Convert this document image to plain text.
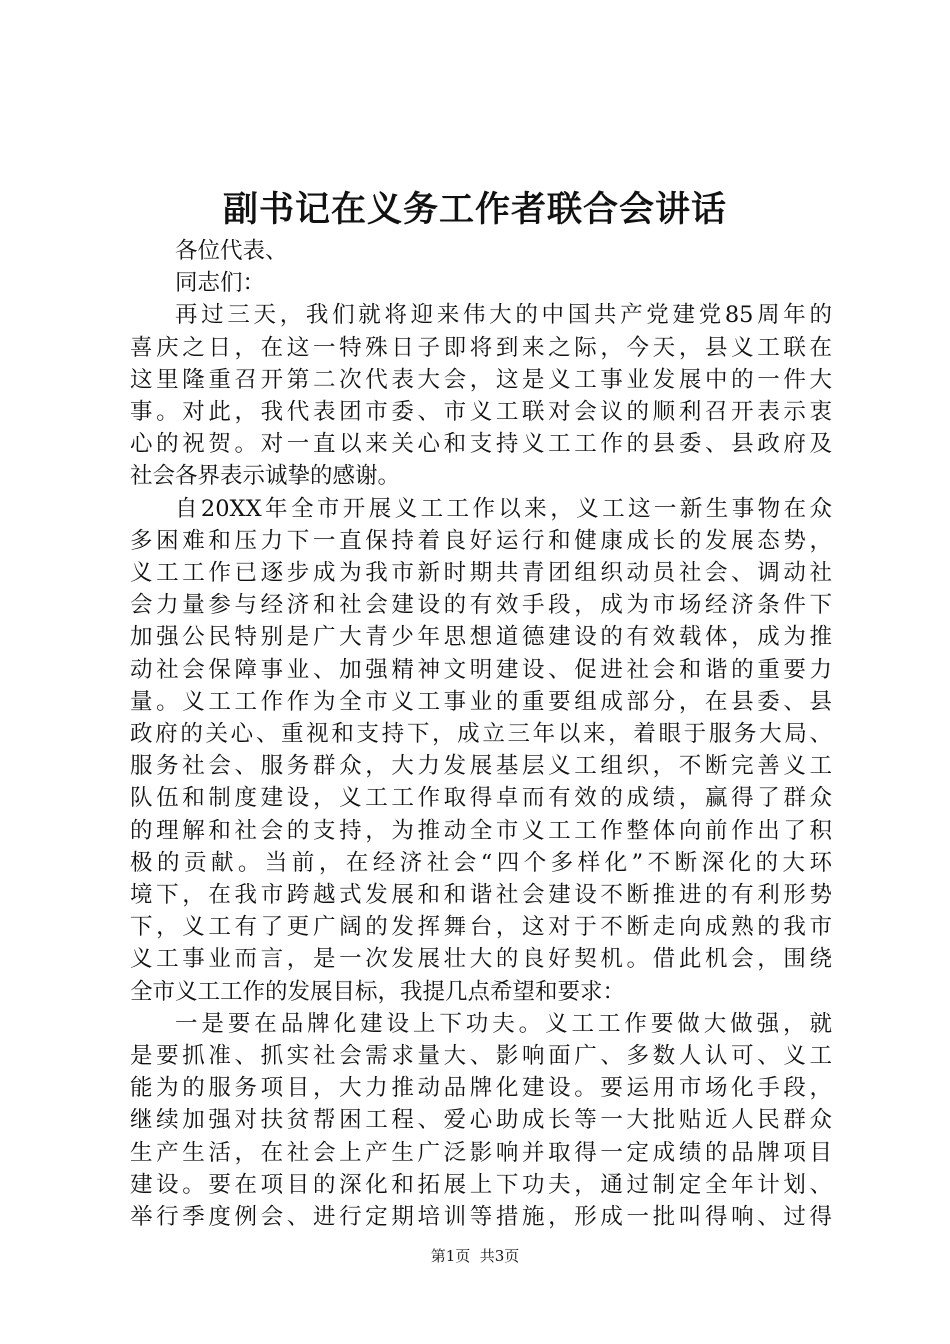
副书记在义务工作者联合会讲话
各位代表、
同志们：
再过三天，我们就将迎来伟大的中国共产党建党85周年的
喜庆之日，在这一特殊日子即将到来之际，今天，县义工联在
这里隆重召开第二次代表大会，这是义工事业发展中的一件大
事。对此，我代表团市委、市义工联对会议的顺利召开表示衷
心的祝贺。对一直以来关心和支持义工工作的县委、县政府及
社会各界表示诚挚的感谢。
自20XX年全市开展义工工作以来，义工这一新生事物在众
多困难和压力下一直保持着良好运行和健康成长的发展态势，
义工工作已逐步成为我市新时期共青团组织动员社会、调动社
会力量参与经济和社会建设的有效手段，成为市场经济条件下
加强公民特别是广大青少年思想道德建设的有效载体，成为推
动社会保障事业、加强精神文明建设、促进社会和谐的重要力
量。义工工作作为全市义工事业的重要组成部分，在县委、县
政府的关心、重视和支持下，成立三年以来，着眼于服务大局、
服务社会、服务群众，大力发展基层义工组织，不断完善义工
队伍和制度建设，义工工作取得卓而有效的成绩，赢得了群众
的理解和社会的支持，为推动全市义工工作整体向前作出了积
极的贡献。当前，在经济社会“四个多样化”不断深化的大环
境下，在我市跨越式发展和和谐社会建设不断推进的有利形势
下，义工有了更广阔的发挥舞台，这对于不断走向成熟的我市
义工事业而言，是一次发展壮大的良好契机。借此机会，围绕
全市义工工作的发展目标，我提几点希望和要求：
一是要在品牌化建设上下功夫。义工工作要做大做强，就
是要抓准、抓实社会需求量大、影响面广、多数人认可、义工
能为的服务项目，大力推动品牌化建设。要运用市场化手段，
继续加强对扶贫帮困工程、爱心助成长等一大批贴近人民群众
生产生活，在社会上产生广泛影响并取得一定成绩的品牌项目
建设。要在项目的深化和拓展上下功夫，通过制定全年计划、
举行季度例会、进行定期培训等措施，形成一批叫得响、过得
第1页  共3页
